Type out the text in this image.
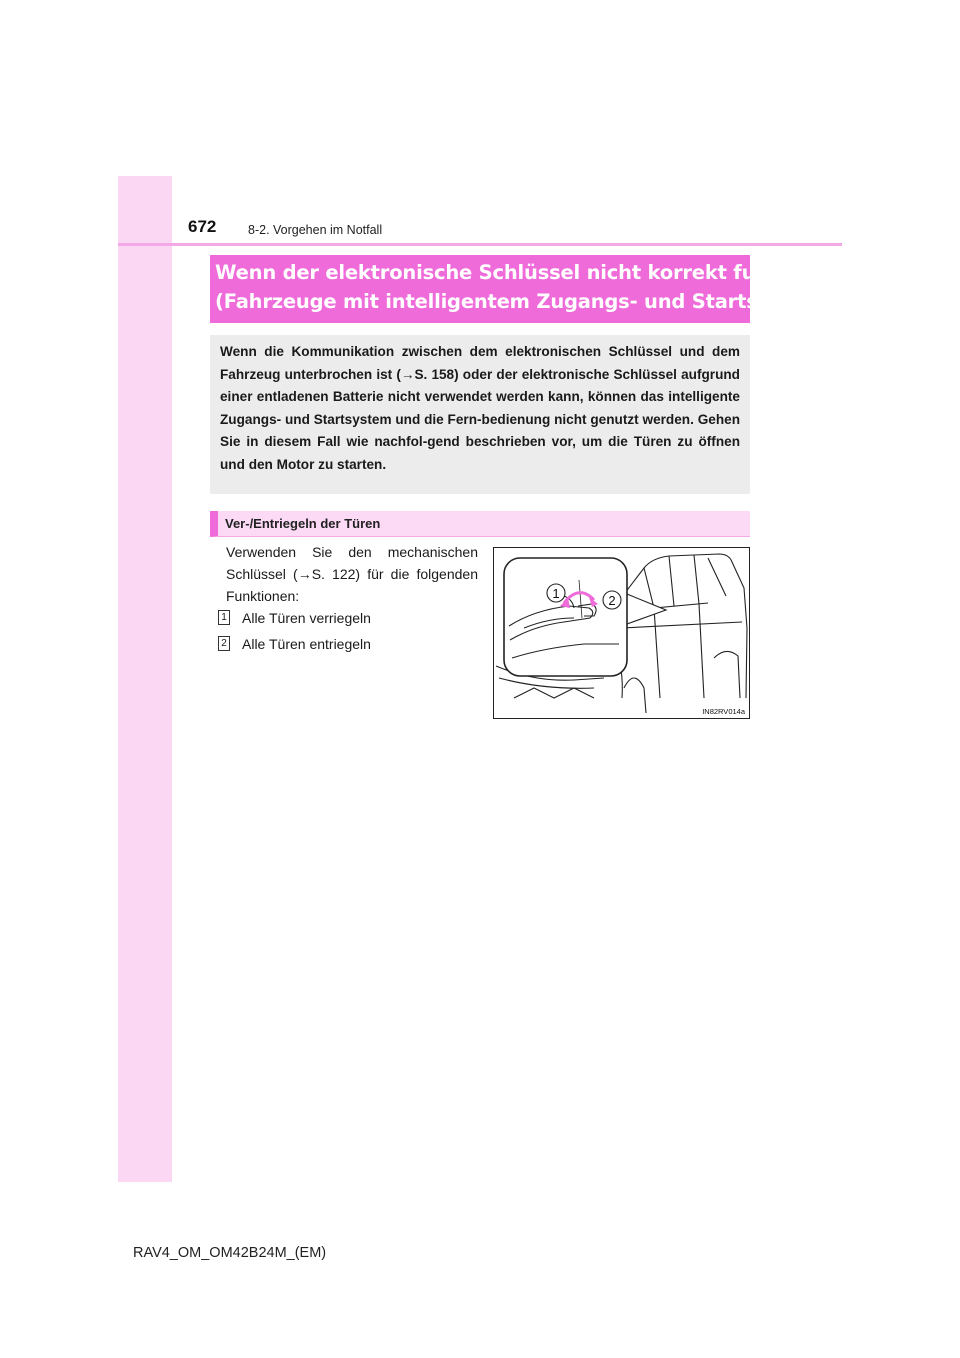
672	8-2. Vorgehen im Notfall
Wenn der elektronische Schlüssel nicht korrekt funktioniert
(Fahrzeuge mit intelligentem Zugangs- und Startsystem)
Wenn die Kommunikation zwischen dem elektronischen Schlüssel und dem Fahrzeug unterbrochen ist (→S. 158) oder der elektronische Schlüssel aufgrund einer entladenen Batterie nicht verwendet werden kann, können das intelligente Zugangs- und Startsystem und die Fern-bedienung nicht genutzt werden. Gehen Sie in diesem Fall wie nachfol-gend beschrieben vor, um die Türen zu öffnen und den Motor zu starten.
Ver-/Entriegeln der Türen
Verwenden Sie den mechanischen Schlüssel (→S. 122) für die folgenden Funktionen:
1 Alle Türen verriegeln
2 Alle Türen entriegeln
1	2
IN82RV014a
RAV4_OM_OM42B24M_(EM)
